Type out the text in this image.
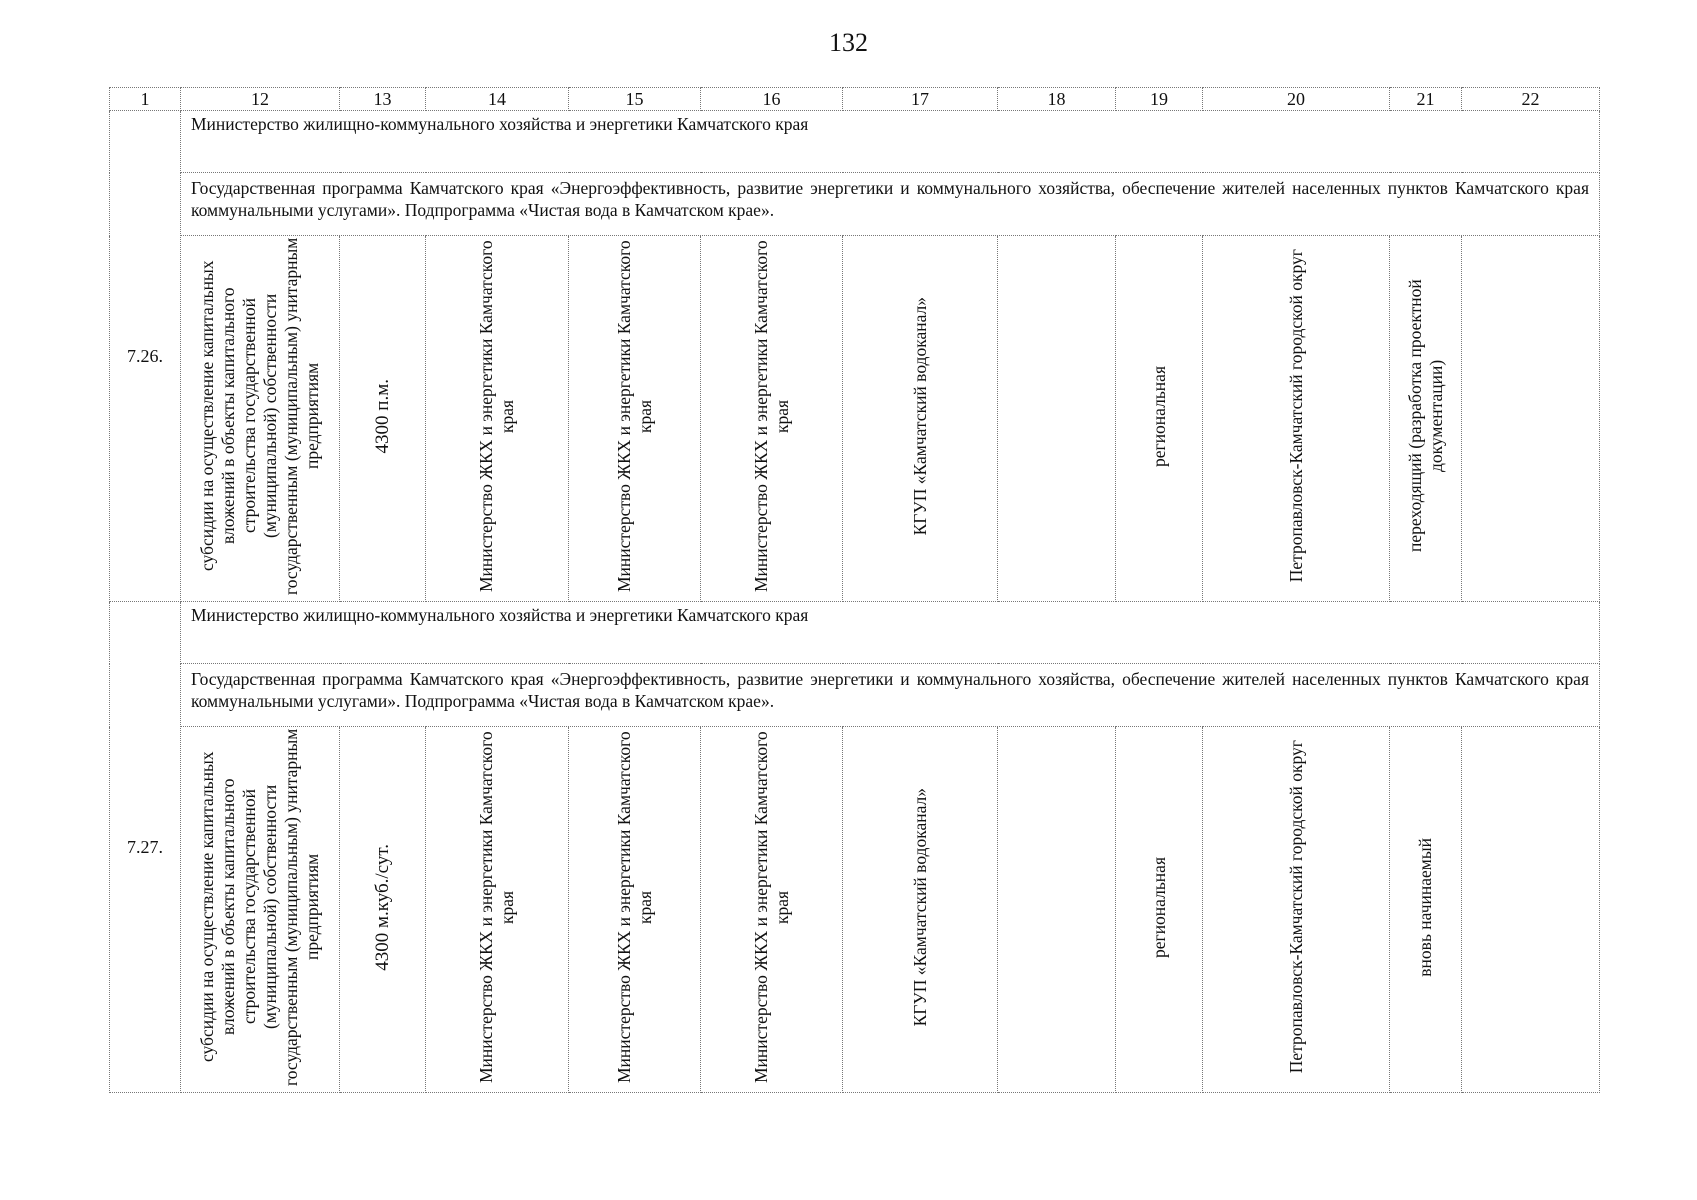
132
1	12	13	14	15	16	17	18	19	20	21	22
7.26.	Министерство жилищно-коммунального хозяйства и энергетики Камчатского края										
	Государственная программа Камчатского края «Энергоэффективность, развитие энергетики и коммунального хозяйства, обеспечение жителей населенных пунктов Камчатского края коммунальными услугами». Подпрограмма «Чистая вода в Камчатском крае».										
	субсидии на осуществление капитальных вложений в объекты капитального строительства государственной (муниципальной) собственности государственным (муниципальным) унитарным предприятиям	4300 п.м.	Министерство ЖКХ и энергетики Камчатского края	Министерство ЖКХ и энергетики Камчатского края	Министерство ЖКХ и энергетики Камчатского края	КГУП «Камчатский водоканал»		региональная	Петропавловск-Камчатский городской округ	переходящий (разработка проектной документации)	
7.27.	Министерство жилищно-коммунального хозяйства и энергетики Камчатского края										
	Государственная программа Камчатского края «Энергоэффективность, развитие энергетики и коммунального хозяйства, обеспечение жителей населенных пунктов Камчатского края коммунальными услугами». Подпрограмма «Чистая вода в Камчатском крае».										
	субсидии на осуществление капитальных вложений в объекты капитального строительства государственной (муниципальной) собственности государственным (муниципальным) унитарным предприятиям	4300 м.куб./сут.	Министерство ЖКХ и энергетики Камчатского края	Министерство ЖКХ и энергетики Камчатского края	Министерство ЖКХ и энергетики Камчатского края	КГУП «Камчатский водоканал»		региональная	Петропавловск-Камчатский городской округ	вновь начинаемый	
